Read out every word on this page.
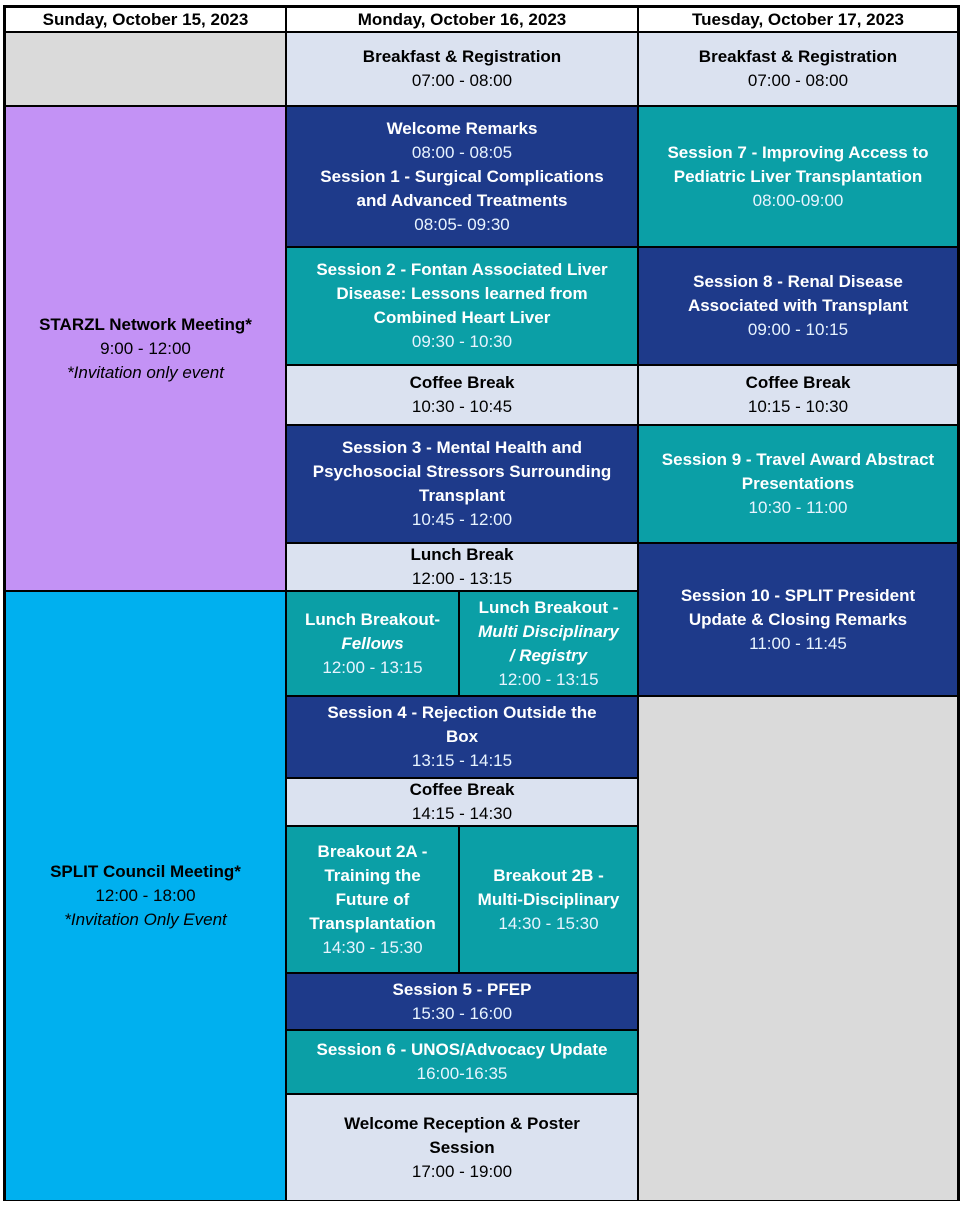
Sunday, October 15, 2023	Monday, October 16, 2023	Tuesday, October 17, 2023
STARZL Network Meeting*
9:00 - 12:00
*Invitation only event
SPLIT Council Meeting*
12:00 - 18:00
*Invitation Only Event
Breakfast & Registration
07:00 - 08:00
Welcome Remarks
08:00 - 08:05
Session 1 - Surgical Complications
and Advanced Treatments
08:05- 09:30
Session 2 - Fontan Associated Liver
Disease: Lessons learned from
Combined Heart Liver
09:30 - 10:30
Coffee Break
10:30 - 10:45
Session 3 - Mental Health and
Psychosocial Stressors Surrounding
Transplant
10:45 - 12:00
Lunch Break
12:00 - 13:15
Lunch Breakout-
Fellows
12:00 - 13:15
Lunch Breakout -
Multi Disciplinary
/ Registry
12:00 - 13:15
Session 4 - Rejection Outside the
Box
13:15 - 14:15
Coffee Break
14:15 - 14:30
Breakout 2A -
Training the
Future of
Transplantation
14:30 - 15:30
Breakout 2B -
Multi-Disciplinary
14:30 - 15:30
Session 5 - PFEP
15:30 - 16:00
Session 6 - UNOS/Advocacy Update
16:00-16:35
Welcome Reception & Poster
Session
17:00 - 19:00
Breakfast & Registration
07:00 - 08:00
Session 7 - Improving Access to
Pediatric Liver Transplantation
08:00-09:00
Session 8 - Renal Disease
Associated with Transplant
09:00 - 10:15
Coffee Break
10:15 - 10:30
Session 9 - Travel Award Abstract
Presentations
10:30 - 11:00
Session 10 - SPLIT President
Update & Closing Remarks
11:00 - 11:45
